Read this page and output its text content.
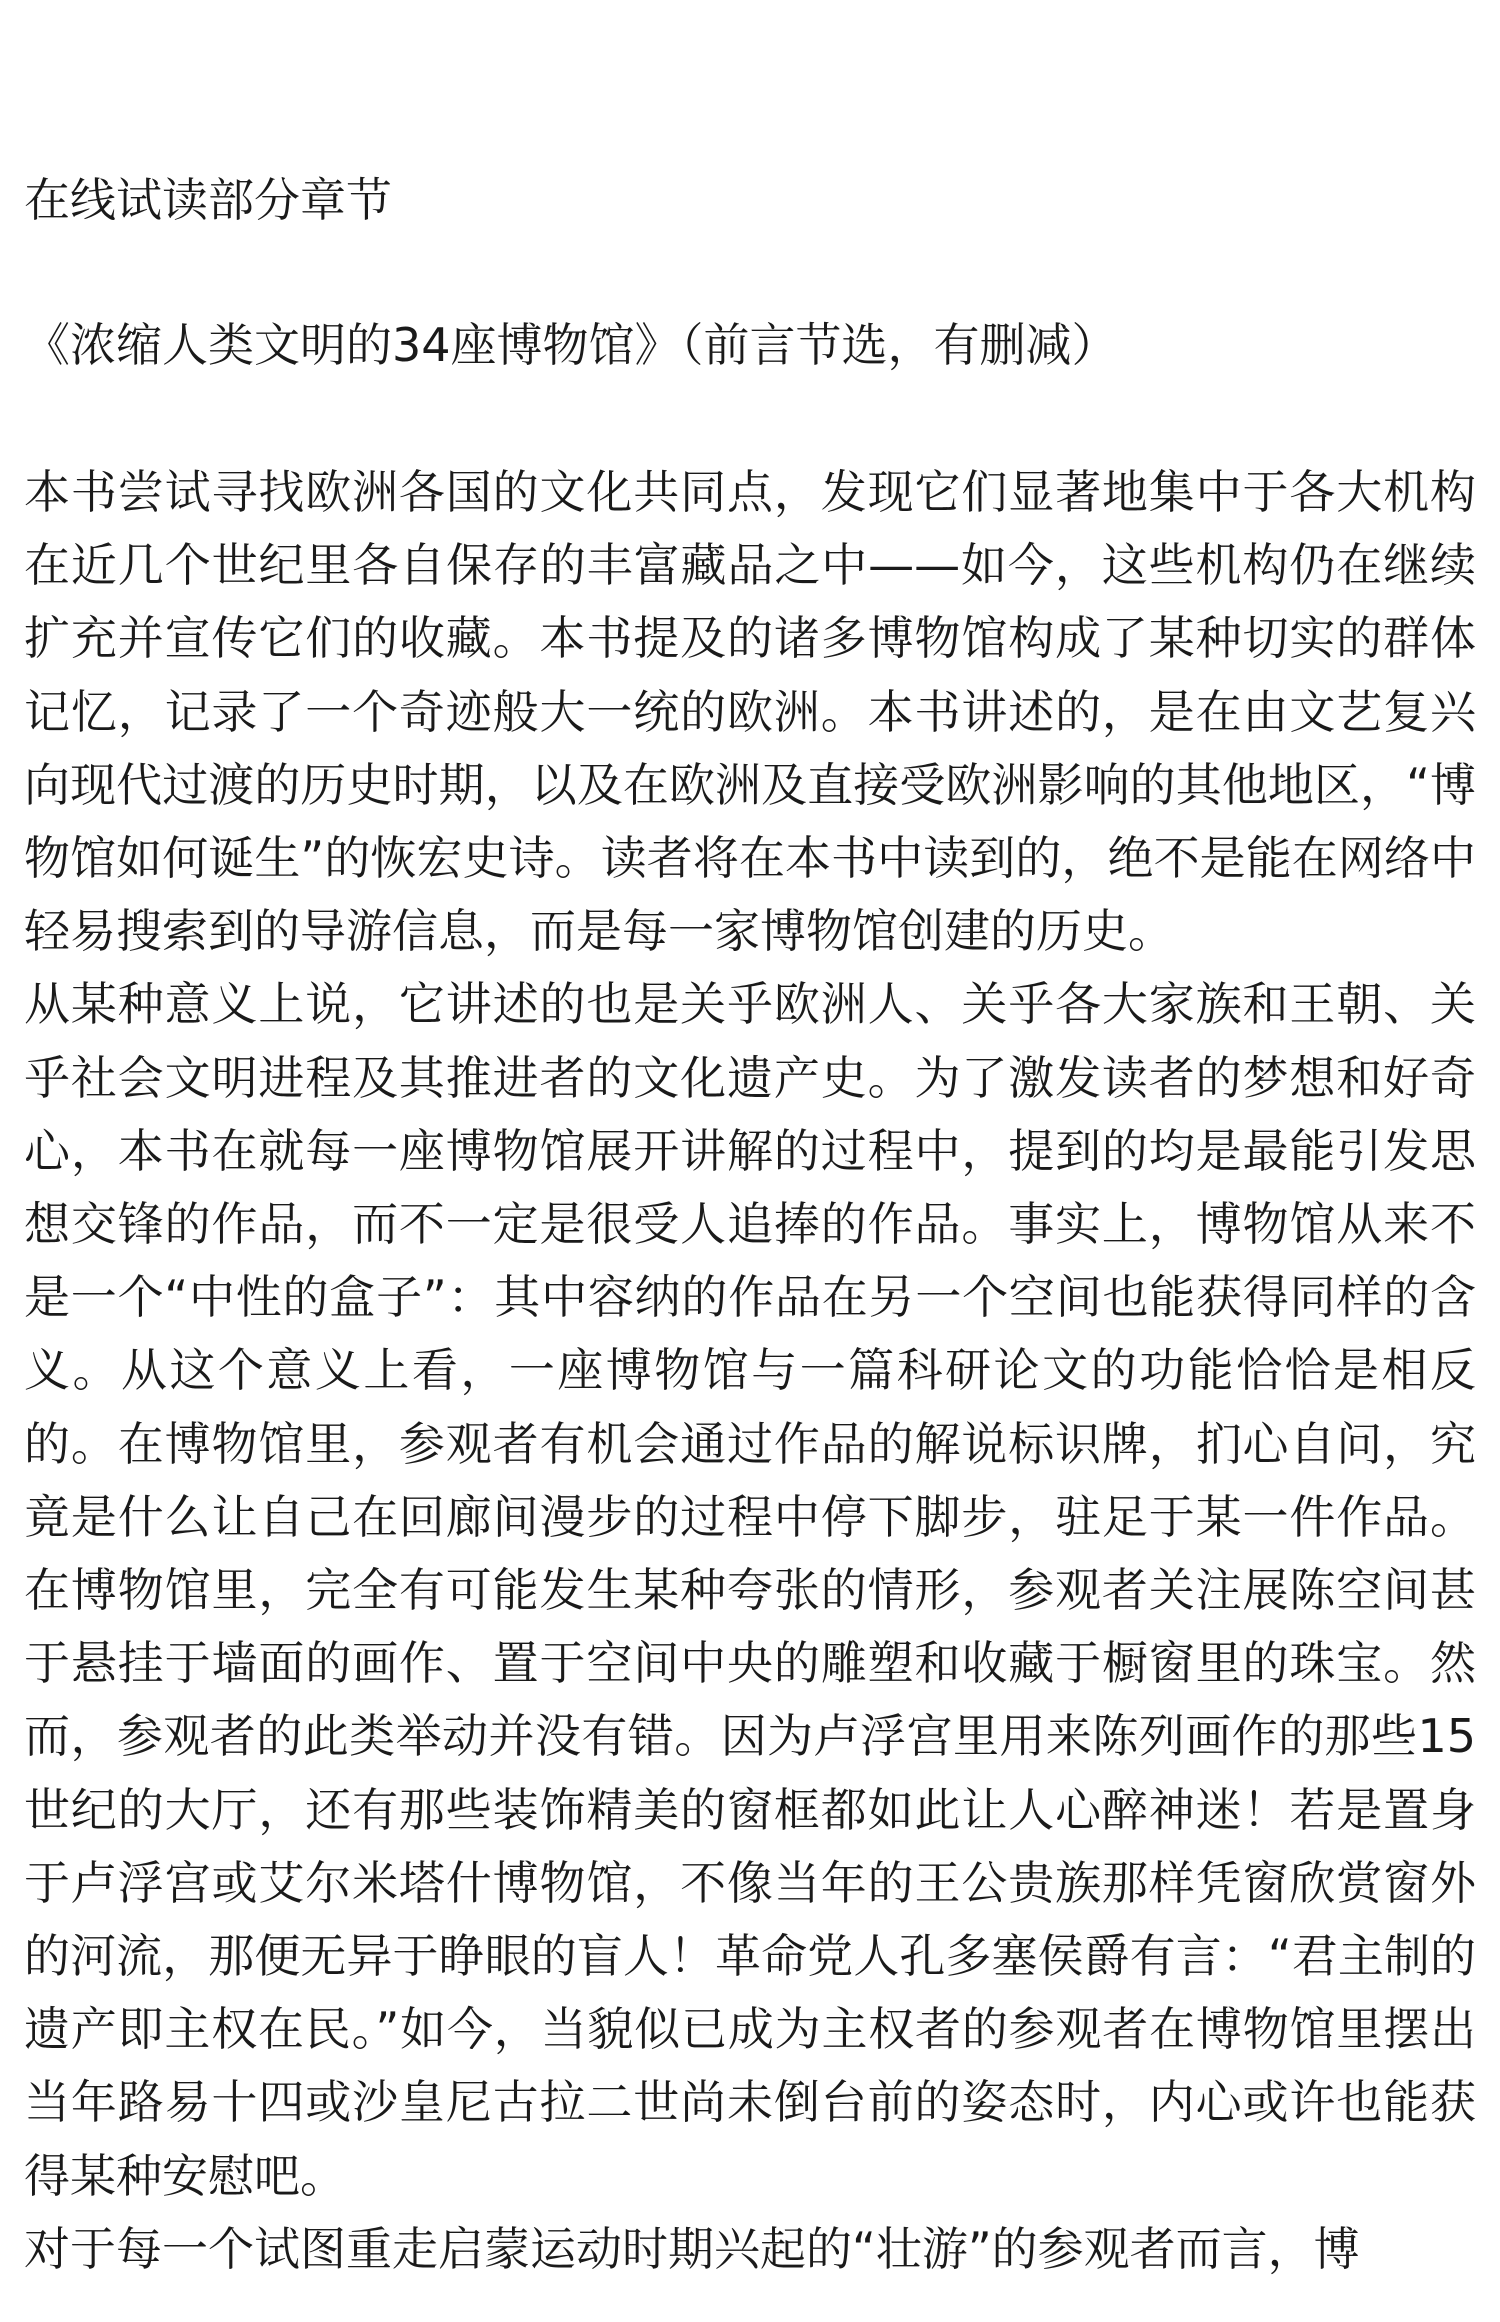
在线试读部分章节
《浓缩人类文明的34座博物馆》（前言节选，有删减）

本书尝试寻找欧洲各国的文化共同点，发现它们显著地集中于各大机构在近几个世纪里各自保存的丰富藏品之中——如今，这些机构仍在继续扩充并宣传它们的收藏。本书提及的诸多博物馆构成了某种切实的群体记忆，记录了一个奇迹般大一统的欧洲。本书讲述的，是在由文艺复兴向现代过渡的历史时期，以及在欧洲及直接受欧洲影响的其他地区，“博物馆如何诞生”的恢宏史诗。读者将在本书中读到的，绝不是能在网络中轻易搜索到的导游信息，而是每一家博物馆创建的历史。

从某种意义上说，它讲述的也是关乎欧洲人、关乎各大家族和王朝、关乎社会文明进程及其推进者的文化遗产史。为了激发读者的梦想和好奇心，本书在就每一座博物馆展开讲解的过程中，提到的均是最能引发思想交锋的作品，而不一定是很受人追捧的作品。事实上，博物馆从来不是一个“中性的盒子”：其中容纳的作品在另一个空间也能获得同样的含义。从这个意义上看，一座博物馆与一篇科研论文的功能恰恰是相反的。在博物馆里，参观者有机会通过作品的解说标识牌，扪心自问，究竟是什么让自己在回廊间漫步的过程中停下脚步，驻足于某一件作品。在博物馆里，完全有可能发生某种夸张的情形，参观者关注展陈空间甚于悬挂于墙面的画作、置于空间中央的雕塑和收藏于橱窗里的珠宝。然而，参观者的此类举动并没有错。因为卢浮宫里用来陈列画作的那些15世纪的大厅，还有那些装饰精美的窗框都如此让人心醉神迷！若是置身于卢浮宫或艾尔米塔什博物馆，不像当年的王公贵族那样凭窗欣赏窗外的河流，那便无异于睁眼的盲人！革命党人孔多塞侯爵有言：“君主制的遗产即主权在民。”如今，当貌似已成为主权者的参观者在博物馆里摆出当年路易十四或沙皇尼古拉二世尚未倒台前的姿态时，内心或许也能获得某种安慰吧。

对于每一个试图重走启蒙运动时期兴起的“壮游”的参观者而言，博
